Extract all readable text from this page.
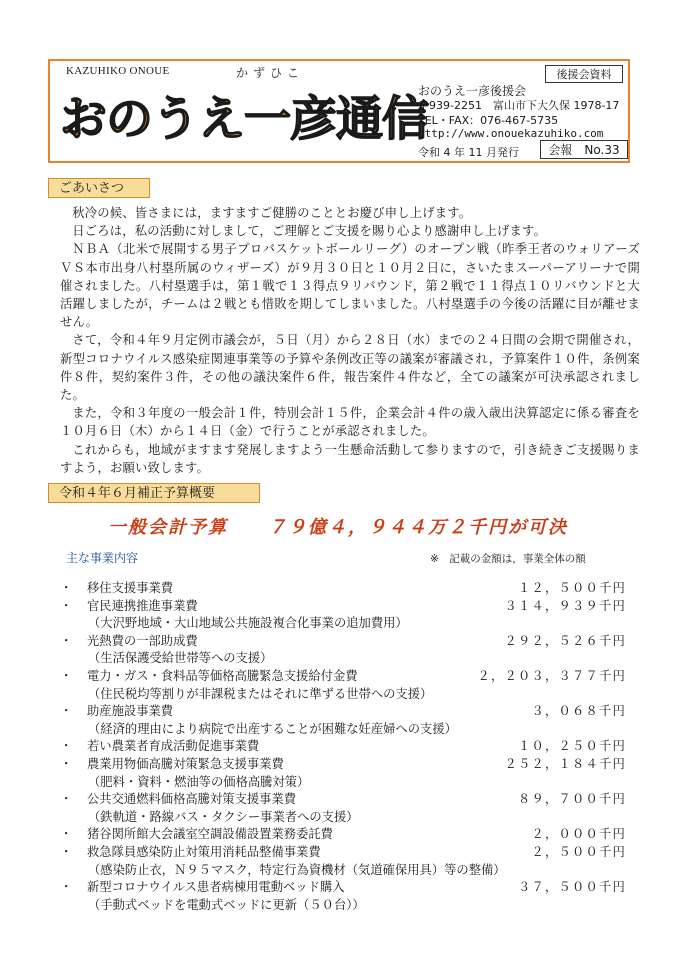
KAZUHIKO ONOUE	かずひこ
おのうえ一彦通信
おのうえ一彦後援会
〒939-2251　富山市下大久保 1978-17
TEL・FAX：076-467-5735
http://www.onouekazuhiko.com
後援会資料
令和 4 年 11 月発行	会報　No.33
ごあいさつ

秋冷の候、皆さまには，ますますご健勝のこととお慶び申し上げます。

日ごろは，私の活動に対しまして，ご理解とご支援を賜り心より感謝申し上げます。

ＮＢＡ（北米で展開する男子プロバスケットボールリーグ）のオープン戦（昨季王者のウォリアーズＶＳ本市出身八村塁所属のウィザーズ）が９月３０日と１０月２日に，さいたまスーパーアリーナで開催されました。八村塁選手は，第１戦で１３得点９リバウンド，第２戦で１１得点１０リバウンドと大活躍しましたが，チームは２戦とも惜敗を期してしまいました。八村塁選手の今後の活躍に目が離せません。

さて，令和４年９月定例市議会が，５日（月）から２８日（水）までの２４日間の会期で開催され，新型コロナウイルス感染症関連事業等の予算や条例改正等の議案が審議され，予算案件１０件，条例案件８件，契約案件３件，その他の議決案件６件，報告案件４件など，全ての議案が可決承認されました。

また，令和３年度の一般会計１件，特別会計１５件，企業会計４件の歳入歳出決算認定に係る審査を１０月６日（木）から１４日（金）で行うことが承認されました。

これからも，地域がますます発展しますよう一生懸命活動して参りますので，引き続きご支援賜りますよう，お願い致します。

令和４年６月補正予算概要
一般会計予算　　７９億４，９４４万２千円が可決
主な事業内容	※　記載の金額は，事業全体の額
・ 移住支援事業費	１２，５００千円
・ 官民連携推進事業費	３１４，９３９千円
（大沢野地域・大山地域公共施設複合化事業の追加費用）
・ 光熱費の一部助成費	２９２，５２６千円
（生活保護受給世帯等への支援）
・ 電力・ガス・食料品等価格高騰緊急支援給付金費	２，２０３，３７７千円
（住民税均等割りが非課税またはそれに準ずる世帯への支援）
・ 助産施設事業費	３，０６８千円
（経済的理由により病院で出産することが困難な妊産婦への支援）
・ 若い農業者育成活動促進事業費	１０，２５０千円
・ 農業用物価高騰対策緊急支援事業費	２５２，１８４千円
（肥料・資料・燃油等の価格高騰対策）
・ 公共交通燃料価格高騰対策支援事業費	８９，７００千円
（鉄軌道・路線バス・タクシー事業者への支援）
・ 猪谷関所館大会議室空調設備設置業務委託費	２，０００千円
・ 救急隊員感染防止対策用消耗品整備事業費	２，５００千円
（感染防止衣，Ｎ９５マスク，特定行為資機材（気道確保用具）等の整備）
・ 新型コロナウイルス患者病棟用電動ベッド購入	３７，５００千円
（手動式ベッドを電動式ベッドに更新（５０台））
